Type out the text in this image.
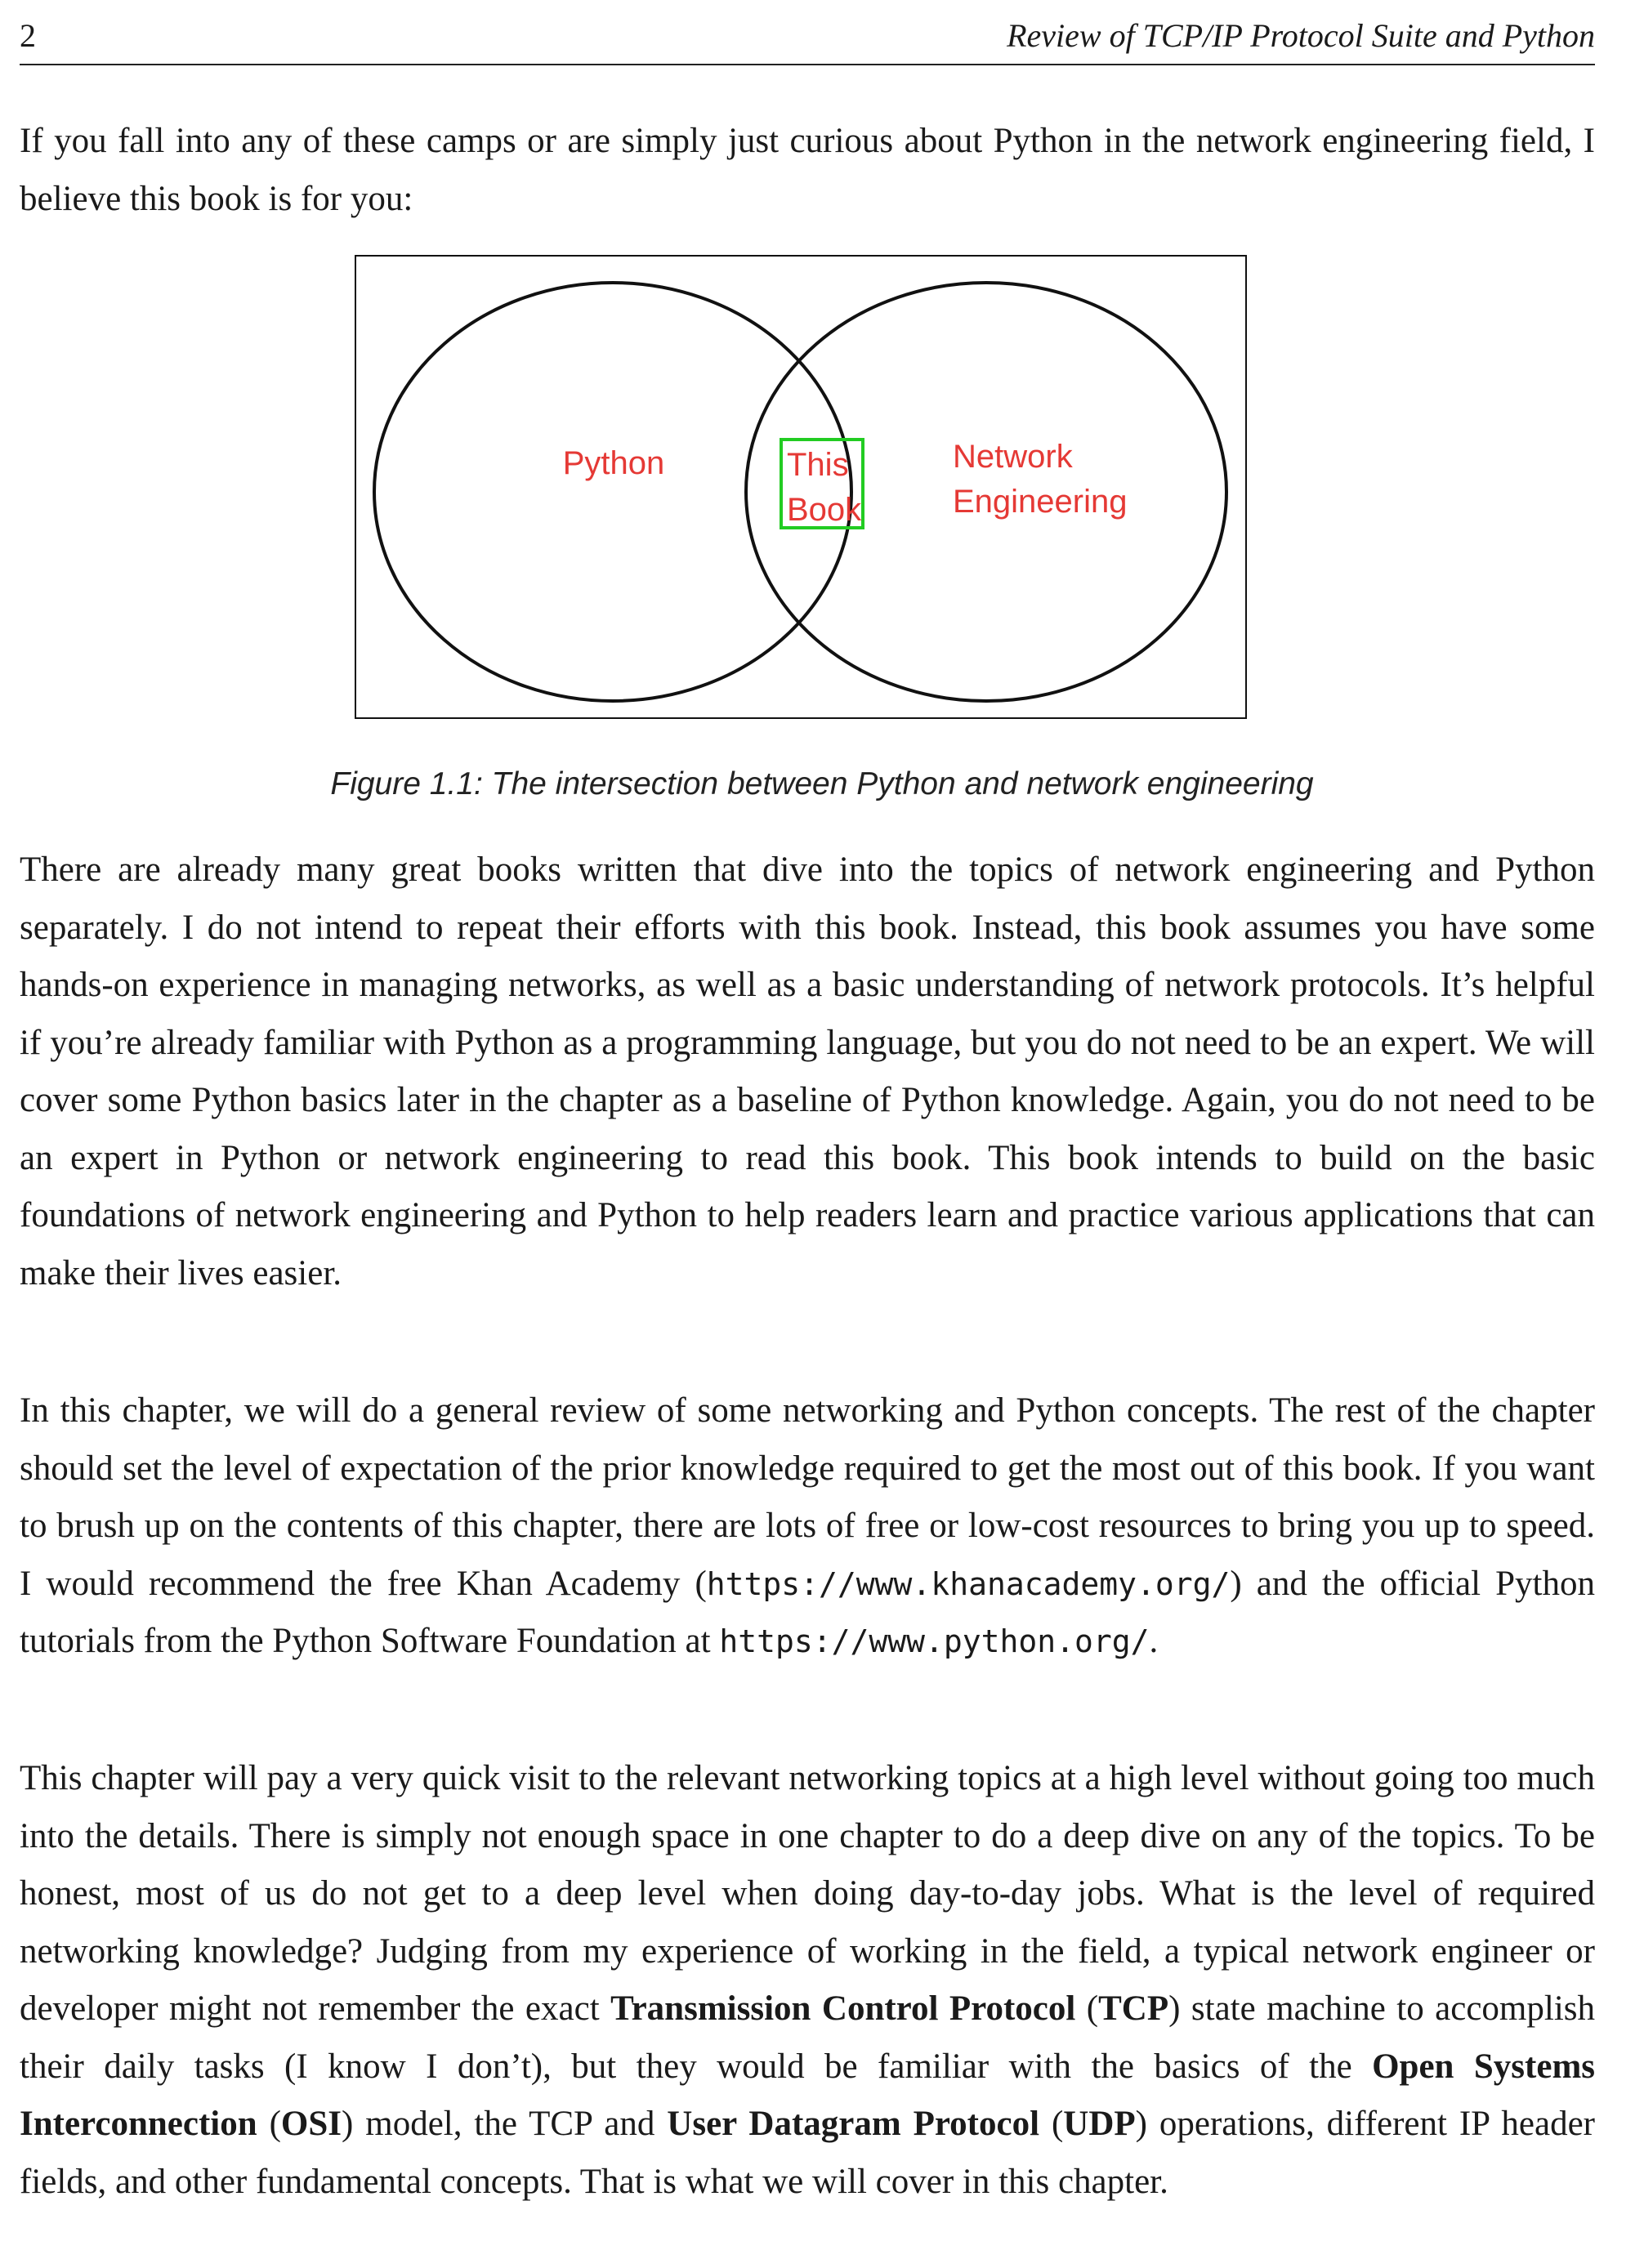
2	Review of TCP/IP Protocol Suite and Python

If you fall into any of these camps or are simply just curious about Python in the network engineering field, I believe this book is for you:

Python	This
Book
Network
Engineering
Figure 1.1: The intersection between Python and network engineering

There are already many great books written that dive into the topics of network engineering and Python separately. I do not intend to repeat their efforts with this book. Instead, this book assumes you have some hands-on experience in managing networks, as well as a basic understanding of network protocols. It’s helpful if you’re already familiar with Python as a programming language, but you do not need to be an expert. We will cover some Python basics later in the chapter as a baseline of Python knowledge. Again, you do not need to be an expert in Python or network engineering to read this book. This book intends to build on the basic foundations of network engineering and Python to help readers learn and practice various applications that can make their lives easier.

In this chapter, we will do a general review of some networking and Python concepts. The rest of the chapter should set the level of expectation of the prior knowledge required to get the most out of this book. If you want to brush up on the contents of this chapter, there are lots of free or low-cost resources to bring you up to speed. I would recommend the free Khan Academy (https://www.khanacademy.org/) and the official Python tutorials from the Python Software Foundation at https://www.python.org/.

This chapter will pay a very quick visit to the relevant networking topics at a high level without going too much into the details. There is simply not enough space in one chapter to do a deep dive on any of the topics. To be honest, most of us do not get to a deep level when doing day-to-day jobs. What is the level of required networking knowledge? Judging from my experience of working in the field, a typical network engineer or developer might not remember the exact Transmission Control Protocol (TCP) state machine to accomplish their daily tasks (I know I don’t), but they would be familiar with the basics of the Open Systems Interconnection (OSI) model, the TCP and User Datagram Protocol (UDP) operations, different IP header fields, and other fundamental concepts. That is what we will cover in this chapter.
